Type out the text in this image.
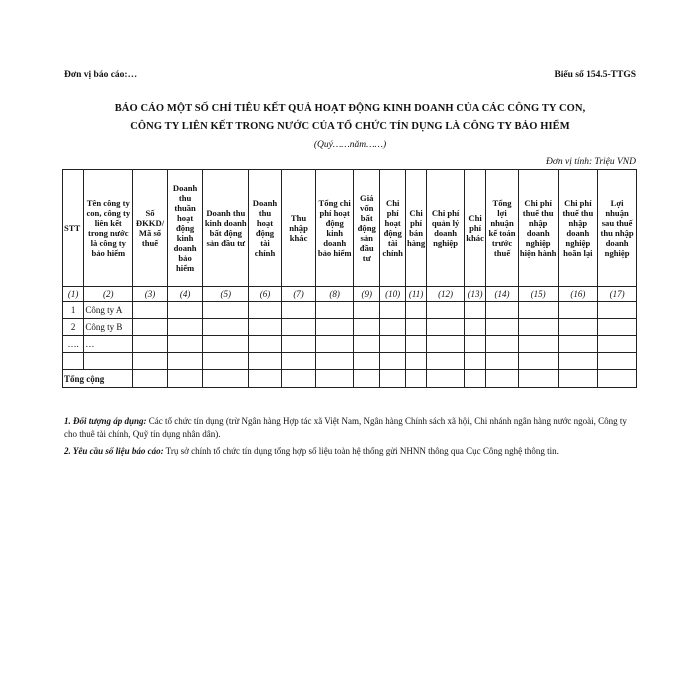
Đơn vị báo cáo:…	Biểu số 154.5-TTGS
BÁO CÁO MỘT SỐ CHỈ TIÊU KẾT QUẢ HOẠT ĐỘNG KINH DOANH CỦA CÁC CÔNG TY CON,
CÔNG TY LIÊN KẾT TRONG NƯỚC CỦA TỔ CHỨC TÍN DỤNG LÀ CÔNG TY BẢO HIỂM
(Quý……năm……)
Đơn vị tính: Triệu VND
STT	Tên công ty con, công ty liên kết trong nước là công ty bảo hiểm	Số ĐKKD/ Mã số thuế	Doanh thu thuần hoạt động kinh doanh bảo hiểm	Doanh thu kinh doanh bất động sản đầu tư	Doanh thu hoạt động tài chính	Thu nhập khác	Tổng chi phí hoạt động kinh doanh bảo hiểm	Giá vốn bất động sản đầu tư	Chi phí hoạt động tài chính	Chi phí bán hàng	Chi phí quản lý doanh nghiệp	Chi phí khác	Tổng lợi nhuận kế toán trước thuế	Chi phí thuế thu nhập doanh nghiệp hiện hành	Chi phí thuế thu nhập doanh nghiệp hoãn lại	Lợi nhuận sau thuế thu nhập doanh nghiệp
(1)	(2)	(3)	(4)	(5)	(6)	(7)	(8)	(9)	(10)	(11)	(12)	(13)	(14)	(15)	(16)	(17)
1	Công ty A															
2	Công ty B															
….	…															

Tổng cộng																
1. Đối tượng áp dụng: Các tổ chức tín dụng (trừ Ngân hàng Hợp tác xã Việt Nam, Ngân hàng Chính sách xã hội, Chi nhánh ngân hàng nước ngoài, Công ty cho thuê tài chính, Quỹ tín dụng nhân dân).
2. Yêu cầu số liệu báo cáo: Trụ sở chính tổ chức tín dụng tổng hợp số liệu toàn hệ thống gửi NHNN thông qua Cục Công nghệ thông tin.
